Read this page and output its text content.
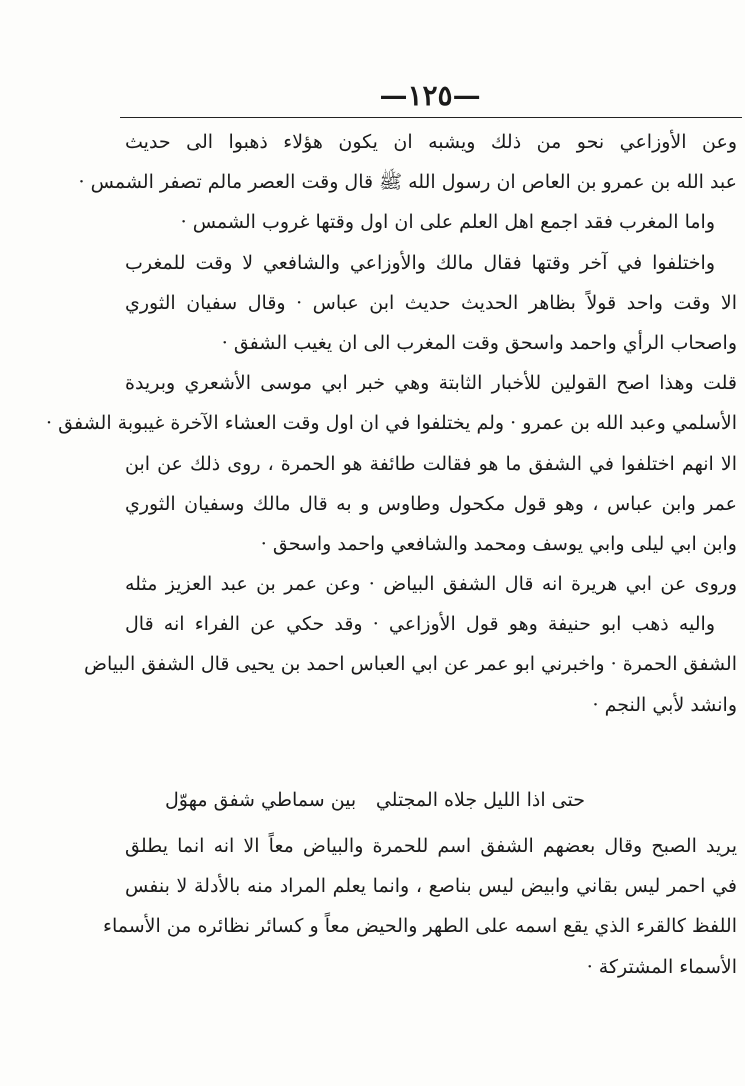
—١٢٥—
وعن الأوزاعي نحو من ذلك ويشبه ان يكون هؤلاء ذهبوا الى حديث
عبد الله بن عمرو بن العاص ان رسول الله ﷺ قال وقت العصر مالم تصفر الشمس ·
واما المغرب فقد اجمع اهل العلم على ان اول وقتها غروب الشمس ·
واختلفوا في آخر وقتها فقال مالك والأوزاعي والشافعي لا وقت للمغرب
الا وقت واحد قولاً بظاهر الحديث حديث ابن عباس · وقال سفيان الثوري
واصحاب الرأي واحمد واسحق وقت المغرب الى ان يغيب الشفق ·
قلت وهذا اصح القولين للأخبار الثابتة وهي خبر ابي موسى الأشعري وبريدة
الأسلمي وعبد الله بن عمرو · ولم يختلفوا في ان اول وقت العشاء الآخرة غيبوبة الشفق ·
الا انهم اختلفوا في الشفق ما هو فقالت طائفة هو الحمرة ، روى ذلك عن ابن
عمر وابن عباس ، وهو قول مكحول وطاوس و به قال مالك وسفيان الثوري
وابن ابي ليلى وابي يوسف ومحمد والشافعي واحمد واسحق ·
وروى عن ابي هريرة انه قال الشفق البياض · وعن عمر بن عبد العزيز مثله
واليه ذهب ابو حنيفة وهو قول الأوزاعي · وقد حكي عن الفراء انه قال
الشفق الحمرة · واخبرني ابو عمر عن ابي العباس احمد بن يحيى قال الشفق البياض
وانشد لأبي النجم ·
حتى اذا الليل جلاه المجتلي
بين سماطي شفق مهوّل
يريد الصبح وقال بعضهم الشفق اسم للحمرة والبياض معاً الا انه انما يطلق
في احمر ليس بقاني وابيض ليس بناصع ، وانما يعلم المراد منه بالأدلة لا بنفس
اللفظ كالقرء الذي يقع اسمه على الطهر والحيض معاً و كسائر نظائره من الأسماء
الأسماء المشتركة ·
